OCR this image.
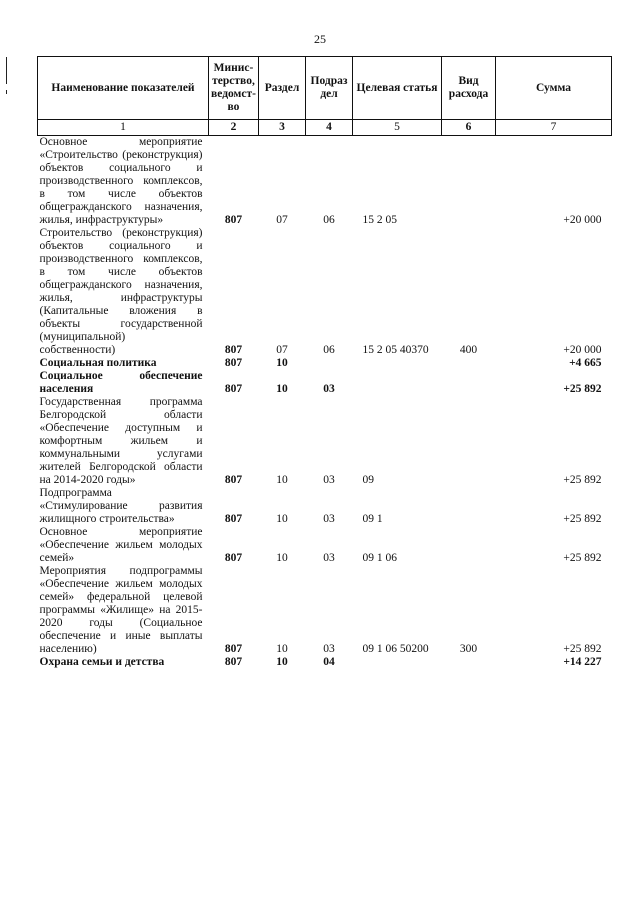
25
Наименование показателей	Минис-терство, ведомст-во	Раздел	Подраз дел	Целевая статья	Вид расхода	Сумма
1	2	3	4	5	6	7
Основное мероприятие «Строительство (реконструкция) объектов социального и производственного комплексов, в том числе объектов общегражданского назначения, жилья, инфраструктуры»	807	07	06	15 2 05		+20 000
Строительство (реконструкция) объектов социального и производственного комплексов, в том числе объектов общегражданского назначения, жилья, инфраструктуры (Капитальные вложения в объекты государственной (муниципальной) собственности)	807	07	06	15 2 05 40370	400	+20 000
Социальная политика	807	10				+4 665
Социальное обеспечение населения	807	10	03			+25 892
Государственная программа Белгородской области «Обеспечение доступным и комфортным жильем и коммунальными услугами жителей Белгородской области на 2014-2020 годы»	807	10	03	09		+25 892
Подпрограмма «Стимулирование развития жилищного строительства»	807	10	03	09 1		+25 892
Основное мероприятие «Обеспечение жильем молодых семей»	807	10	03	09 1 06		+25 892
Мероприятия подпрограммы «Обеспечение жильем молодых семей» федеральной целевой программы «Жилище» на 2015-2020 годы (Социальное обеспечение и иные выплаты населению)	807	10	03	09 1 06 50200	300	+25 892
Охрана семьи и детства	807	10	04			+14 227
